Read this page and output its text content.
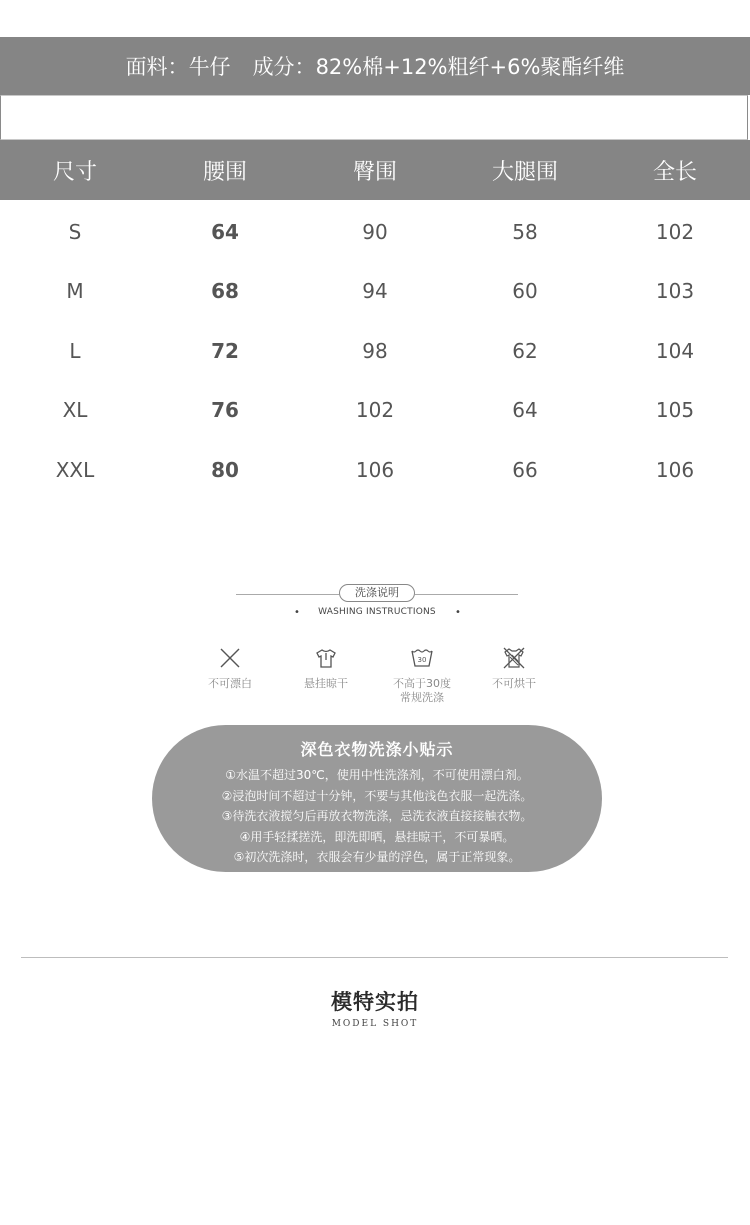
面料： 牛仔 成分： 82%棉+12%粗纤+6%聚酯纤维
尺寸	腰围	臀围	大腿围	全长
S	64	90	58	102
M	68	94	60	103
L	72	98	62	104
XL	76	102	64	105
XXL	80	106	66	106
洗涤说明
• WASHING INSTRUCTIONS •
不可漂白	悬挂晾干
30
不高于30度
常规洗涤
不可烘干
深色衣物洗涤小贴示
①水温不超过30℃，使用中性洗涤剂，不可使用漂白剂。
②浸泡时间不超过十分钟，不要与其他浅色衣服一起洗涤。
③待洗衣液搅匀后再放衣物洗涤，忌洗衣液直接接触衣物。
④用手轻揉搓洗，即洗即晒，悬挂晾干，不可暴晒。
⑤初次洗涤时，衣服会有少量的浮色，属于正常现象。
模特实拍
MODEL SHOT
